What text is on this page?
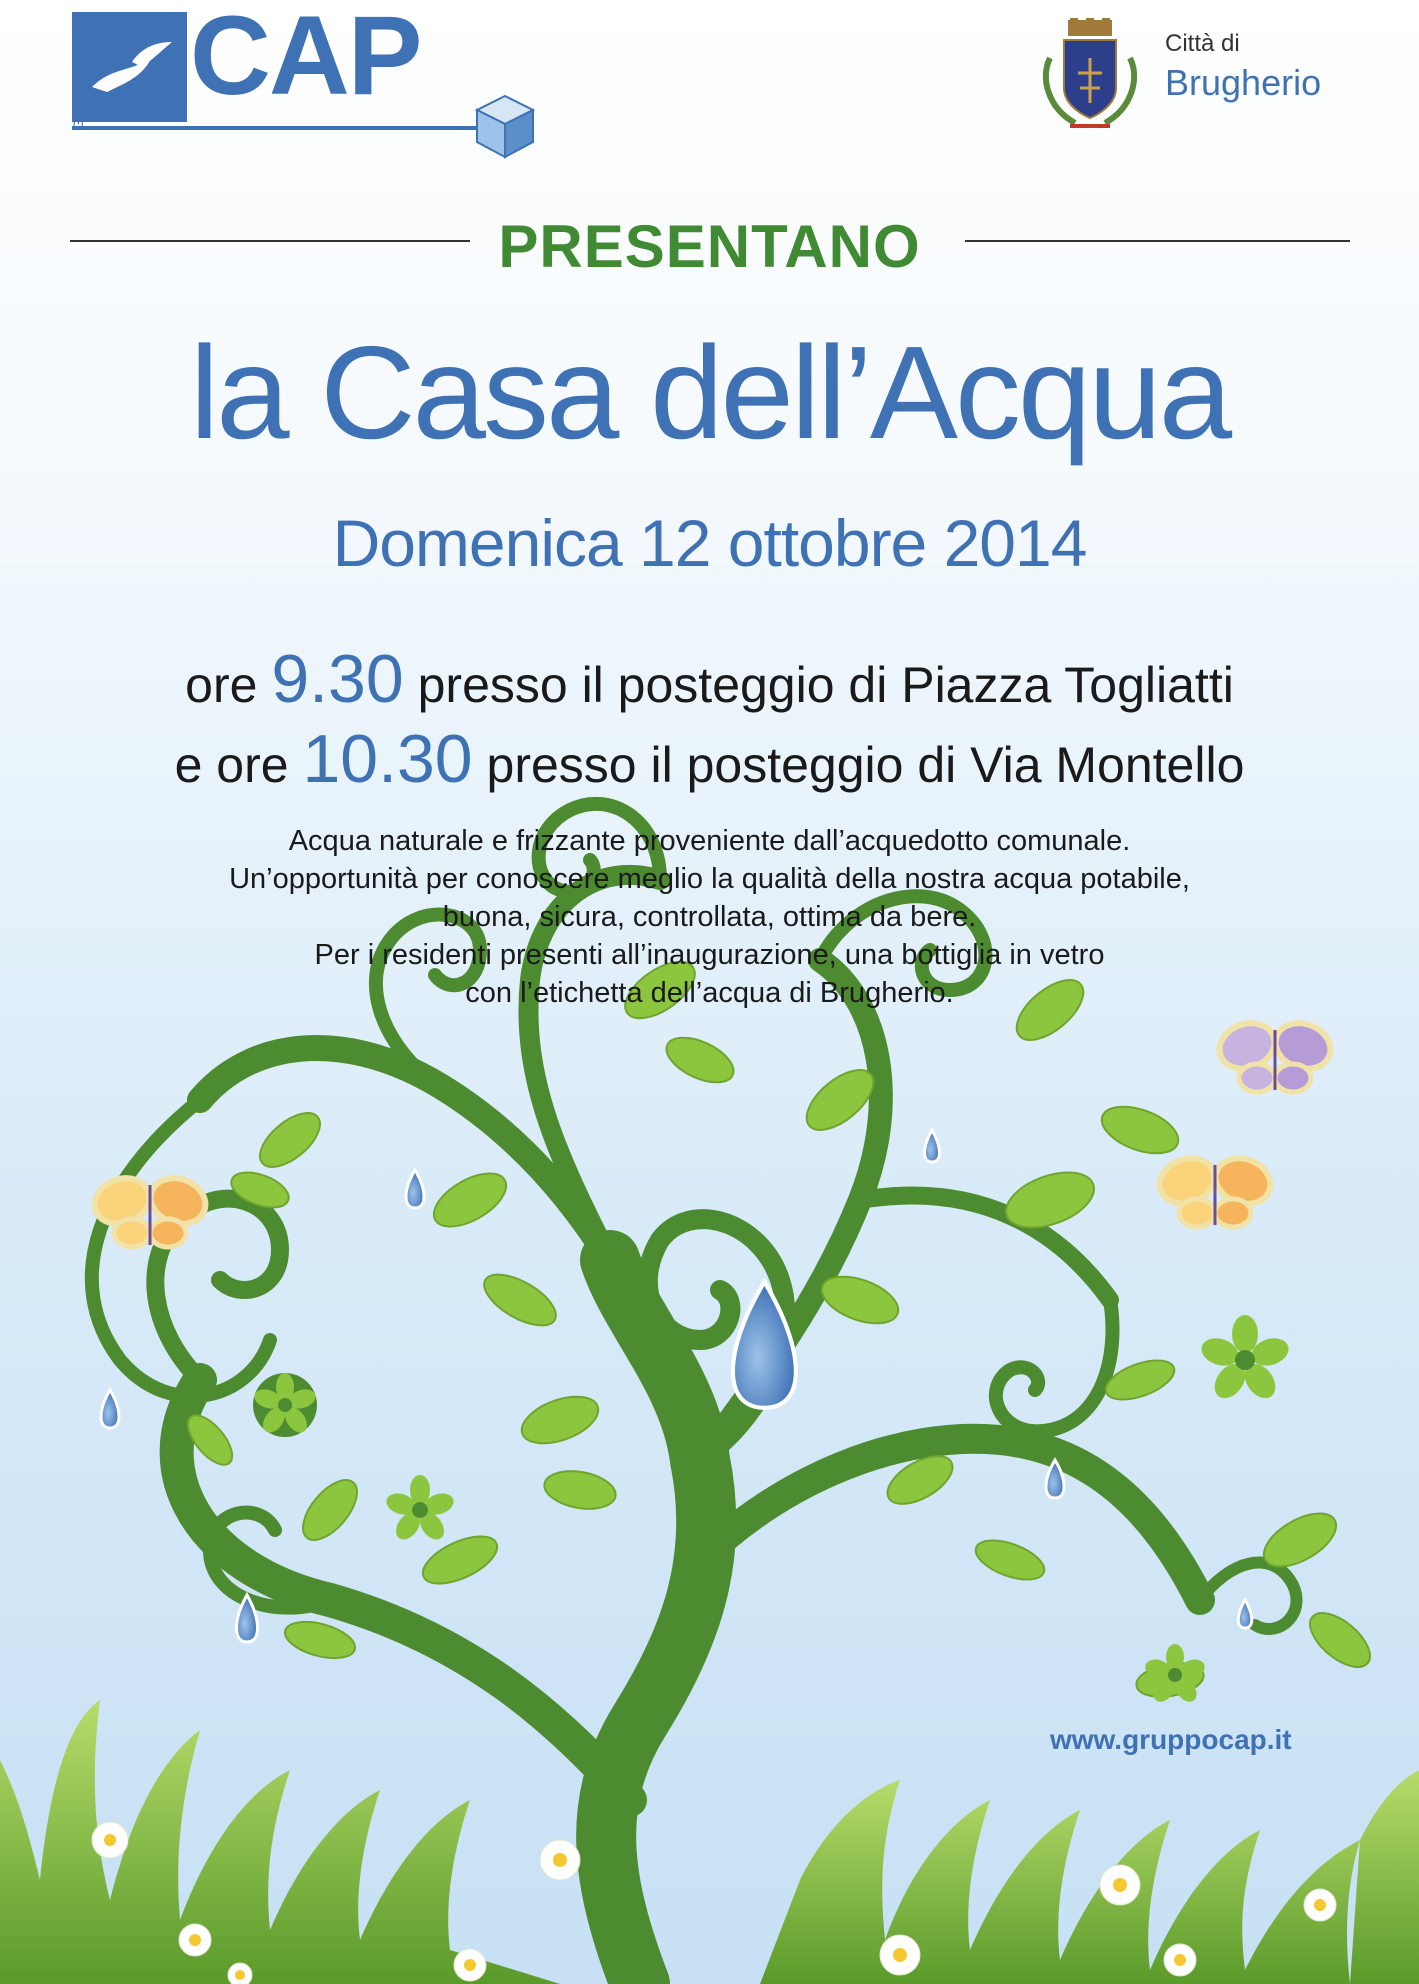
CAP
GRUPPO
Città di
Brugherio
PRESENTANO
la Casa dell’Acqua
Domenica 12 ottobre 2014
ore 9.30 presso il posteggio di Piazza Togliatti
e ore 10.30 presso il posteggio di Via Montello
Acqua naturale e frizzante proveniente dall’acquedotto comunale.
Un’opportunità per conoscere meglio la qualità della nostra acqua potabile,
buona, sicura, controllata, ottima da bere.
Per i residenti presenti all’inaugurazione, una bottiglia in vetro
con l’etichetta dell’acqua di Brugherio.
www.gruppocap.it
